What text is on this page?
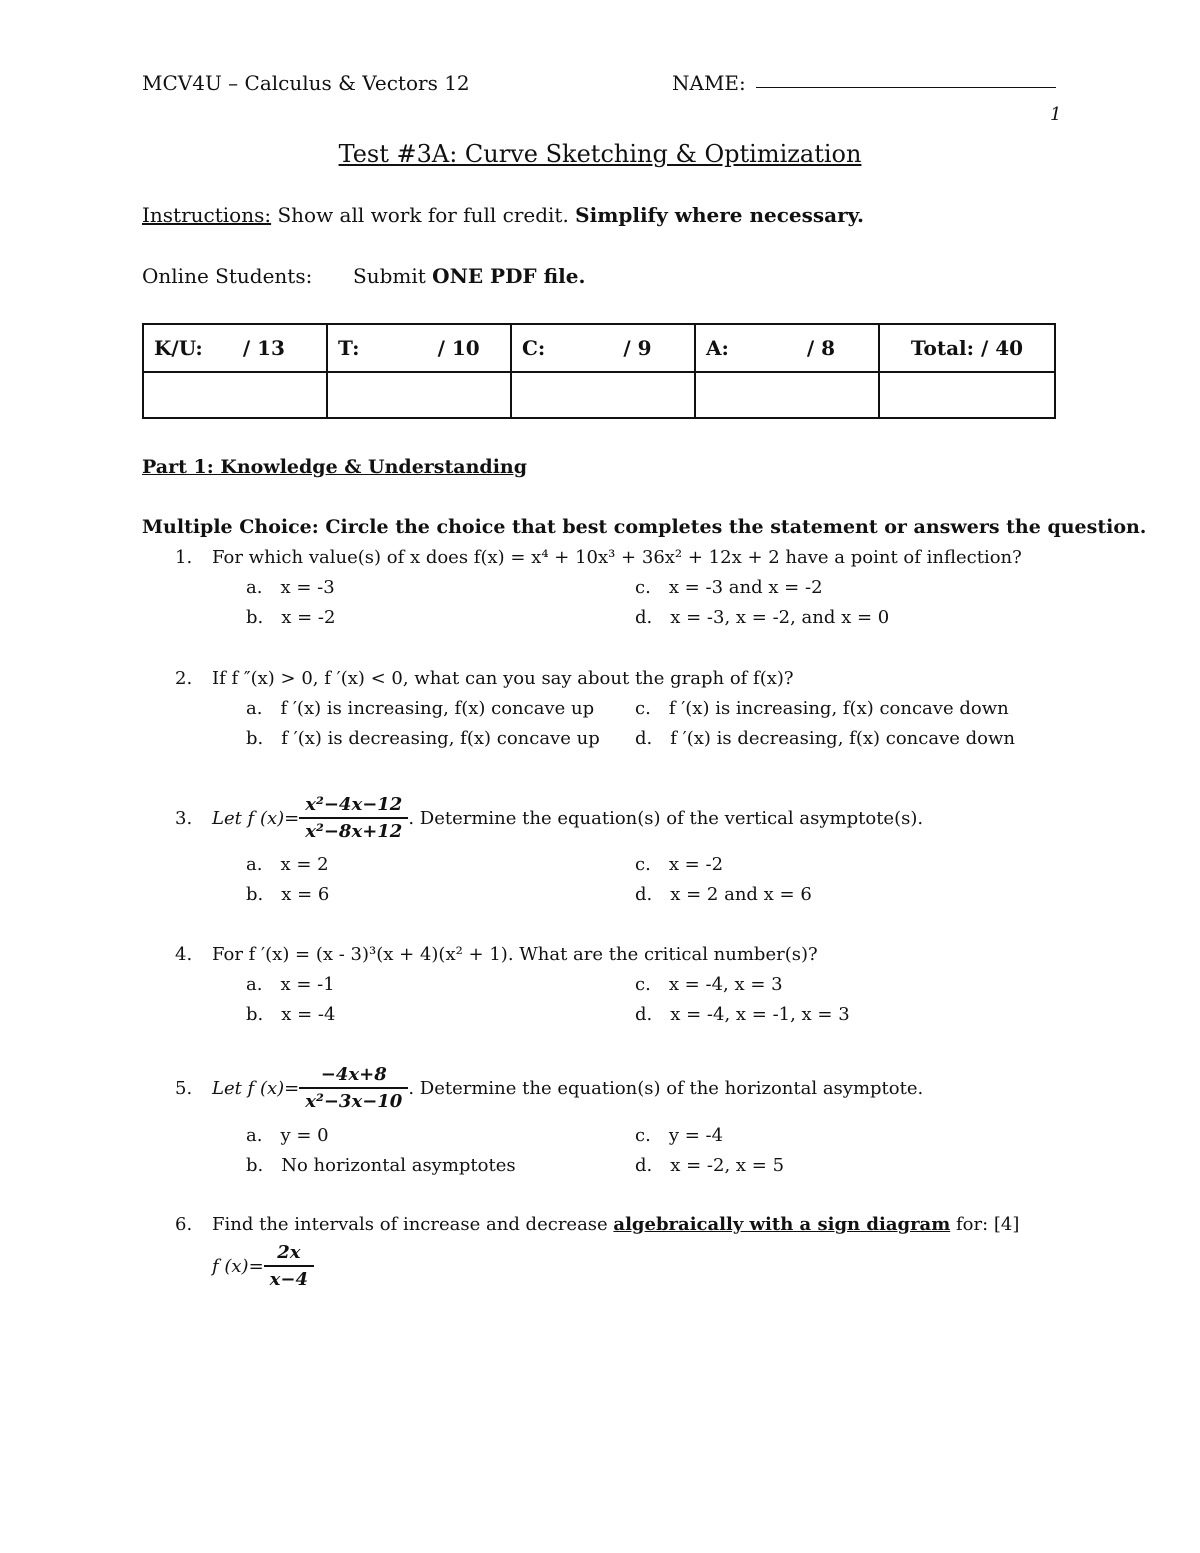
MCV4U – Calculus & Vectors 12	NAME:
1
Test #3A: Curve Sketching & Optimization
Instructions: Show all work for full credit. Simplify where necessary.
Online Students: Submit ONE PDF file.
K/U: / 13	T: / 10	C: / 9	A: / 8	Total: / 40

Part 1: Knowledge & Understanding
Multiple Choice: Circle the choice that best completes the statement or answers the question.
1. For which value(s) of x does f(x) = x⁴ + 10x³ + 36x² + 12x + 2 have a point of inflection?
a. x = -3
b. x = -2
c. x = -3 and x = -2
d. x = -3, x = -2, and x = 0
2. If f ″(x) > 0, f ′(x) < 0, what can you say about the graph of f(x)?
a. f ′(x) is increasing, f(x) concave up
b. f ′(x) is decreasing, f(x) concave up
c. f ′(x) is increasing, f(x) concave down
d. f ′(x) is decreasing, f(x) concave down
3. Let f $(x)= \frac{\text{x²−4x−12}}{\text{x²−8x+12}}$ . Determine the equation(s) of the vertical asymptote(s).
a. x = 2
b. x = 6
c. x = -2
d. x = 2 and x = 6
4. For f ′(x) = (x - 3)³(x + 4)(x² + 1). What are the critical number(s)?
a. x = -1
b. x = -4
c. x = -4, x = 3
d. x = -4, x = -1, x = 3
5. Let f $(x)= \frac{-4x+8}{\text{x²−3x−10}}$ . Determine the equation(s) of the horizontal asymptote.
a. y = 0
b. No horizontal asymptotes
c. y = -4
d. x = -2, x = 5
6. Find the intervals of increase and decrease algebraically with a sign diagram for: [4]
f $(x)= \frac{2x}{x-4}$
